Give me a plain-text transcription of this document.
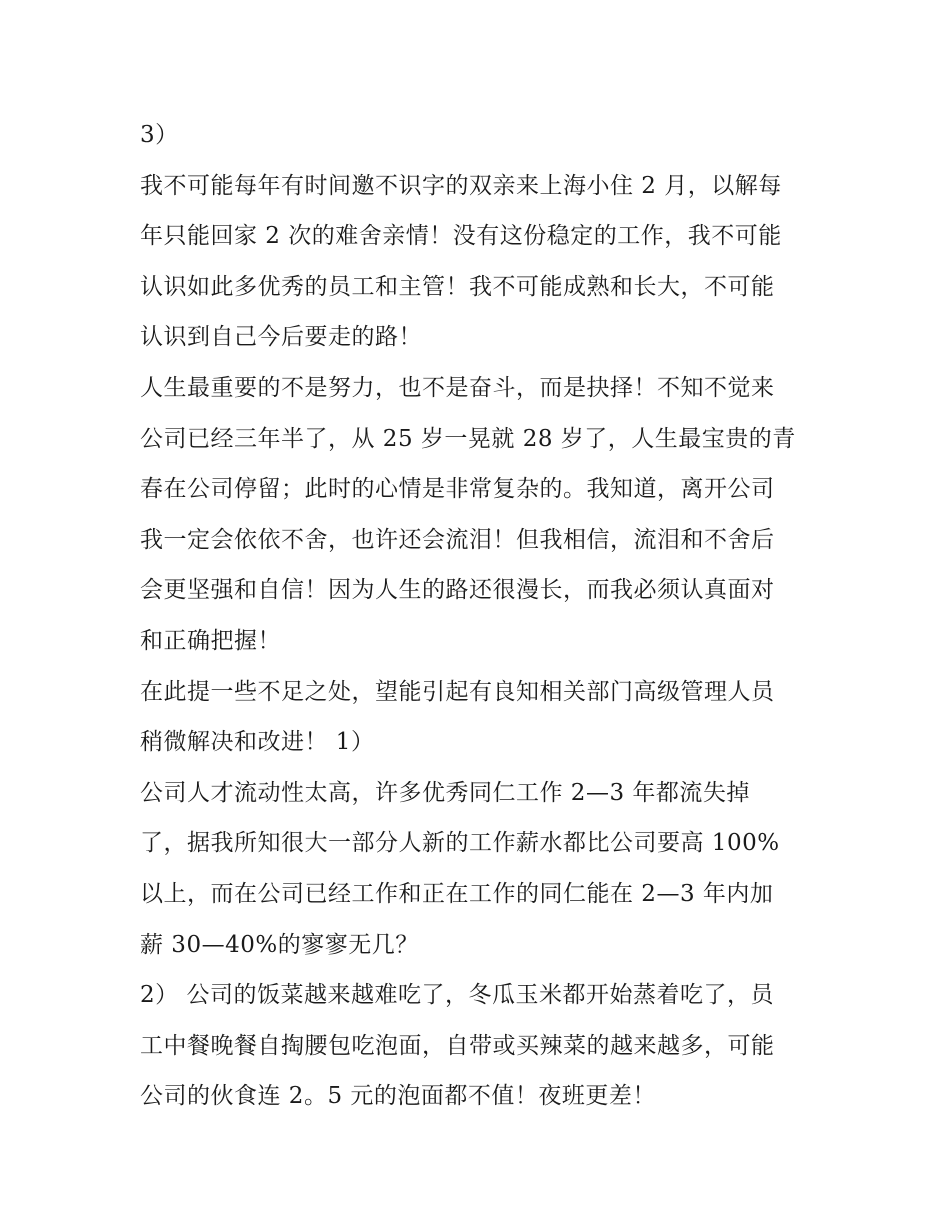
3）
我不可能每年有时间邀不识字的双亲来上海小住 2 月，以解每
年只能回家 2 次的难舍亲情！没有这份稳定的工作，我不可能
认识如此多优秀的员工和主管！我不可能成熟和长大，不可能
认识到自己今后要走的路！
人生最重要的不是努力，也不是奋斗，而是抉择！不知不觉来
公司已经三年半了，从 25 岁一晃就 28 岁了，人生最宝贵的青
春在公司停留；此时的心情是非常复杂的。我知道，离开公司
我一定会依依不舍，也许还会流泪！但我相信，流泪和不舍后
会更坚强和自信！因为人生的路还很漫长，而我必须认真面对
和正确把握！
在此提一些不足之处，望能引起有良知相关部门高级管理人员
稍微解决和改进！ 1）
公司人才流动性太高，许多优秀同仁工作 2—3 年都流失掉
了，据我所知很大一部分人新的工作薪水都比公司要高 100%
以上，而在公司已经工作和正在工作的同仁能在 2—3 年内加
薪 30—40%的寥寥无几？
2） 公司的饭菜越来越难吃了，冬瓜玉米都开始蒸着吃了，员
工中餐晚餐自掏腰包吃泡面，自带或买辣菜的越来越多，可能
公司的伙食连 2。5 元的泡面都不值！夜班更差！
